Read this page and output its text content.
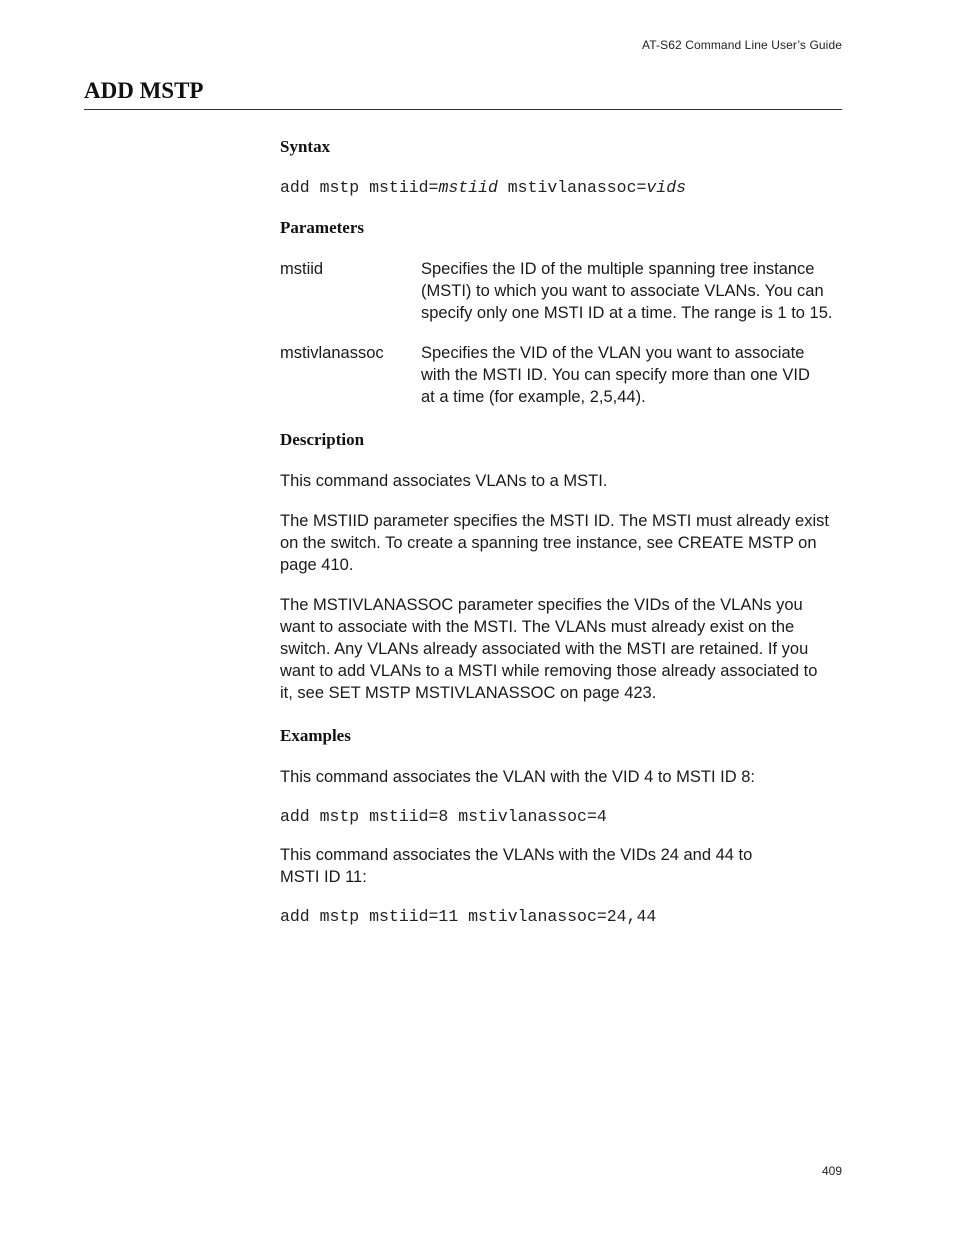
AT-S62 Command Line User’s Guide
ADD MSTP
Syntax
add mstp mstiid=mstiid mstivlanassoc=vids
Parameters
mstiid	Specifies the ID of the multiple spanning tree instance
(MSTI) to which you want to associate VLANs. You can
specify only one MSTI ID at a time. The range is 1 to 15.
mstivlanassoc Specifies the VID of the VLAN you want to associate
with the MSTI ID. You can specify more than one VID
at a time (for example, 2,5,44).
Description

This command associates VLANs to a MSTI.

The MSTIID parameter specifies the MSTI ID. The MSTI must already exist
on the switch. To create a spanning tree instance, see CREATE MSTP on
page 410.

The MSTIVLANASSOC parameter specifies the VIDs of the VLANs you
want to associate with the MSTI. The VLANs must already exist on the
switch. Any VLANs already associated with the MSTI are retained. If you
want to add VLANs to a MSTI while removing those already associated to
it, see SET MSTP MSTIVLANASSOC on page 423.

Examples

This command associates the VLAN with the VID 4 to MSTI ID 8:

add mstp mstiid=8 mstivlanassoc=4

This command associates the VLANs with the VIDs 24 and 44 to
MSTI ID 11:

add mstp mstiid=11 mstivlanassoc=24,44
409
